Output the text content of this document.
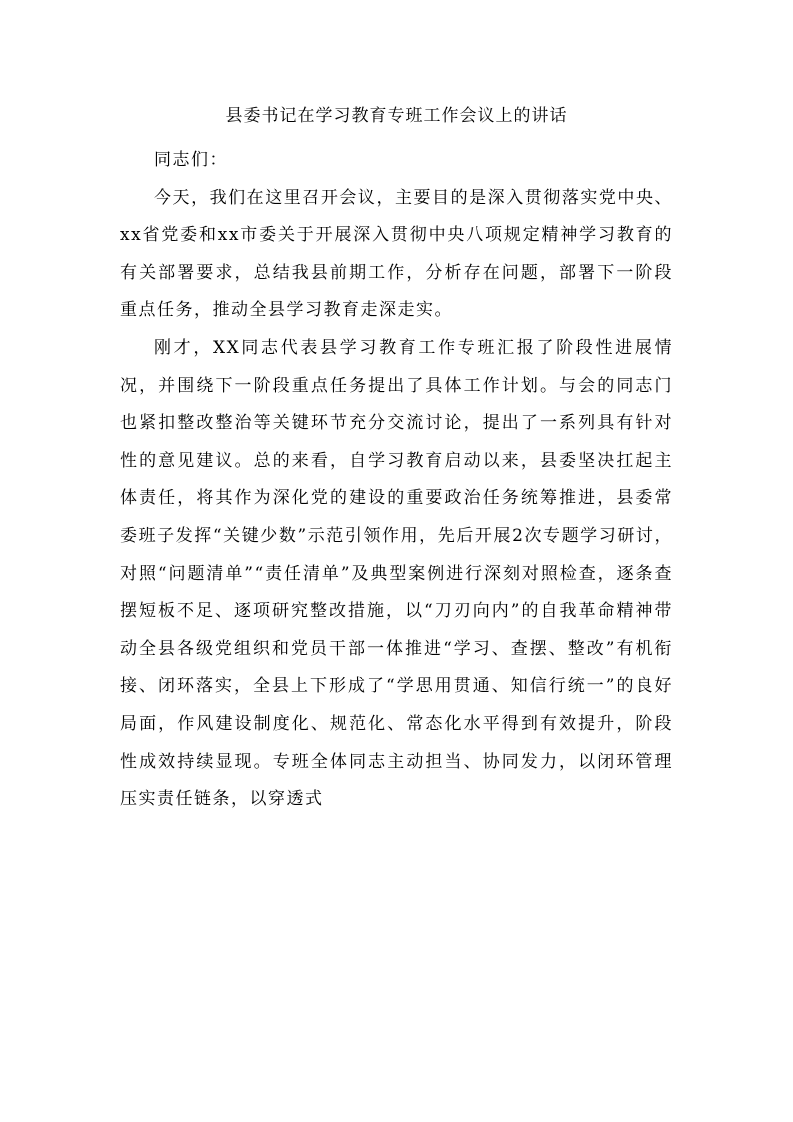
县委书记在学习教育专班工作会议上的讲话

同志们：

今天，我们在这里召开会议，主要目的是深入贯彻落实党中央、xx省党委和xx市委关于开展深入贯彻中央八项规定精神学习教育的有关部署要求，总结我县前期工作，分析存在问题，部署下一阶段重点任务，推动全县学习教育走深走实。

刚才，XX同志代表县学习教育工作专班汇报了阶段性进展情况，并围绕下一阶段重点任务提出了具体工作计划。与会的同志门也紧扣整改整治等关键环节充分交流讨论，提出了一系列具有针对性的意见建议。总的来看，自学习教育启动以来，县委坚决扛起主体责任，将其作为深化党的建设的重要政治任务统筹推进，县委常委班子发挥“关键少数”示范引领作用，先后开展2次专题学习研讨，对照“问题清单”“责任清单”及典型案例进行深刻对照检查，逐条查摆短板不足、逐项研究整改措施，以“刀刃向内”的自我革命精神带动全县各级党组织和党员干部一体推进“学习、查摆、整改”有机衔接、闭环落实，全县上下形成了“学思用贯通、知信行统一”的良好局面，作风建设制度化、规范化、常态化水平得到有效提升，阶段性成效持续显现。专班全体同志主动担当、协同发力，以闭环管理压实责任链条，以穿透式
